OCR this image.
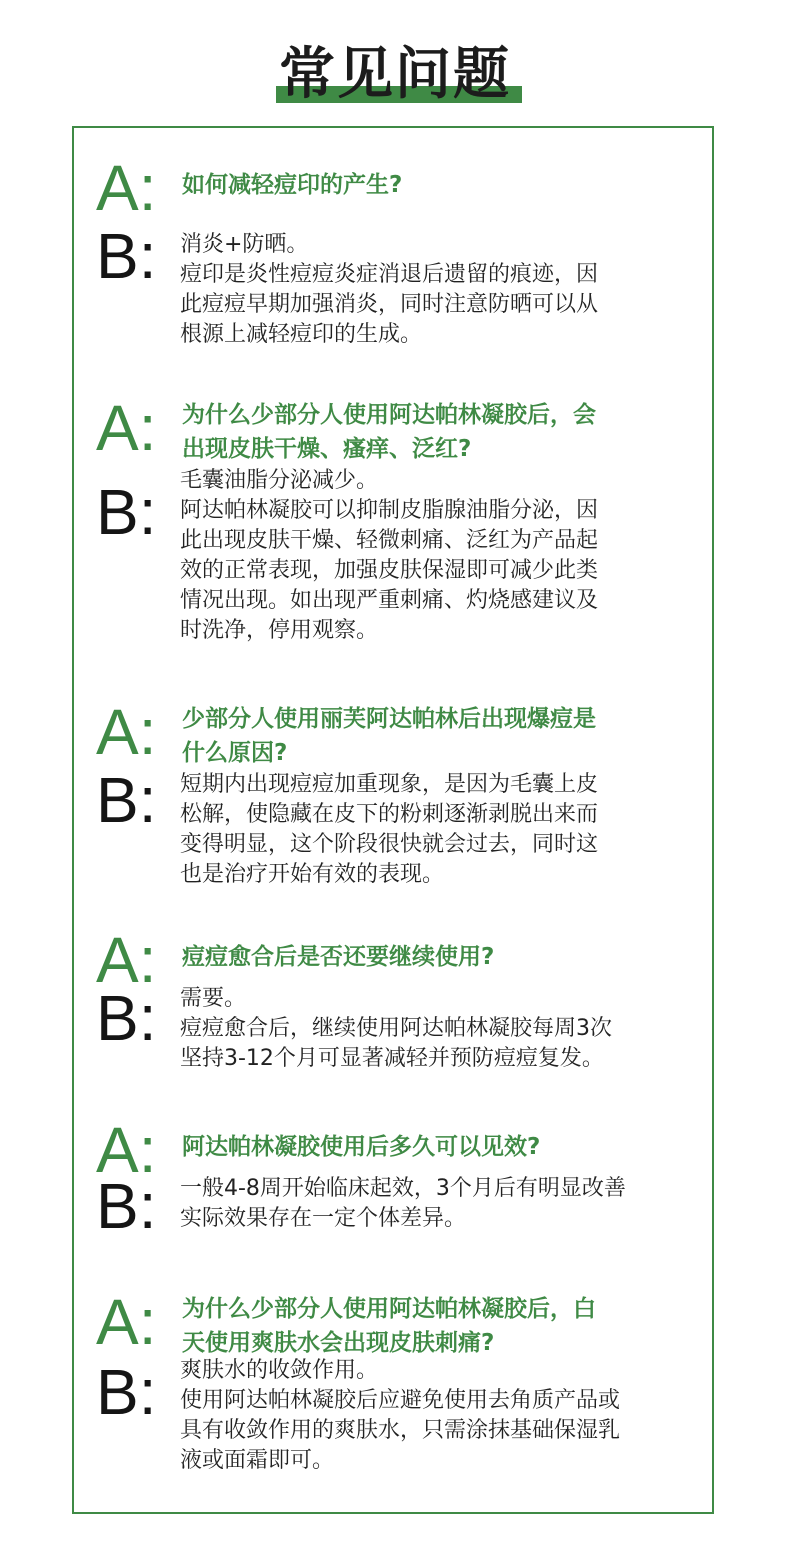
常见问题
A:
B:
如何减轻痘印的产生?
消炎+防晒。
痘印是炎性痘痘炎症消退后遗留的痕迹，因
此痘痘早期加强消炎，同时注意防晒可以从
根源上减轻痘印的生成。
A:
B:
为什么少部分人使用阿达帕林凝胶后，会
出现皮肤干燥、瘙痒、泛红?
毛囊油脂分泌减少。
阿达帕林凝胶可以抑制皮脂腺油脂分泌，因
此出现皮肤干燥、轻微刺痛、泛红为产品起
效的正常表现，加强皮肤保湿即可减少此类
情况出现。如出现严重刺痛、灼烧感建议及
时洗净，停用观察。
A:
B:
少部分人使用丽芙阿达帕林后出现爆痘是
什么原因?
短期内出现痘痘加重现象，是因为毛囊上皮
松解，使隐藏在皮下的粉刺逐渐剥脱出来而
变得明显，这个阶段很快就会过去，同时这
也是治疗开始有效的表现。
A:
B:
痘痘愈合后是否还要继续使用?
需要。
痘痘愈合后，继续使用阿达帕林凝胶每周3次
坚持3-12个月可显著减轻并预防痘痘复发。
A:
B:
阿达帕林凝胶使用后多久可以见效?
一般4-8周开始临床起效，3个月后有明显改善
实际效果存在一定个体差异。
A:
B:
为什么少部分人使用阿达帕林凝胶后，白
天使用爽肤水会出现皮肤刺痛?
爽肤水的收敛作用。
使用阿达帕林凝胶后应避免使用去角质产品或
具有收敛作用的爽肤水，只需涂抹基础保湿乳
液或面霜即可。
